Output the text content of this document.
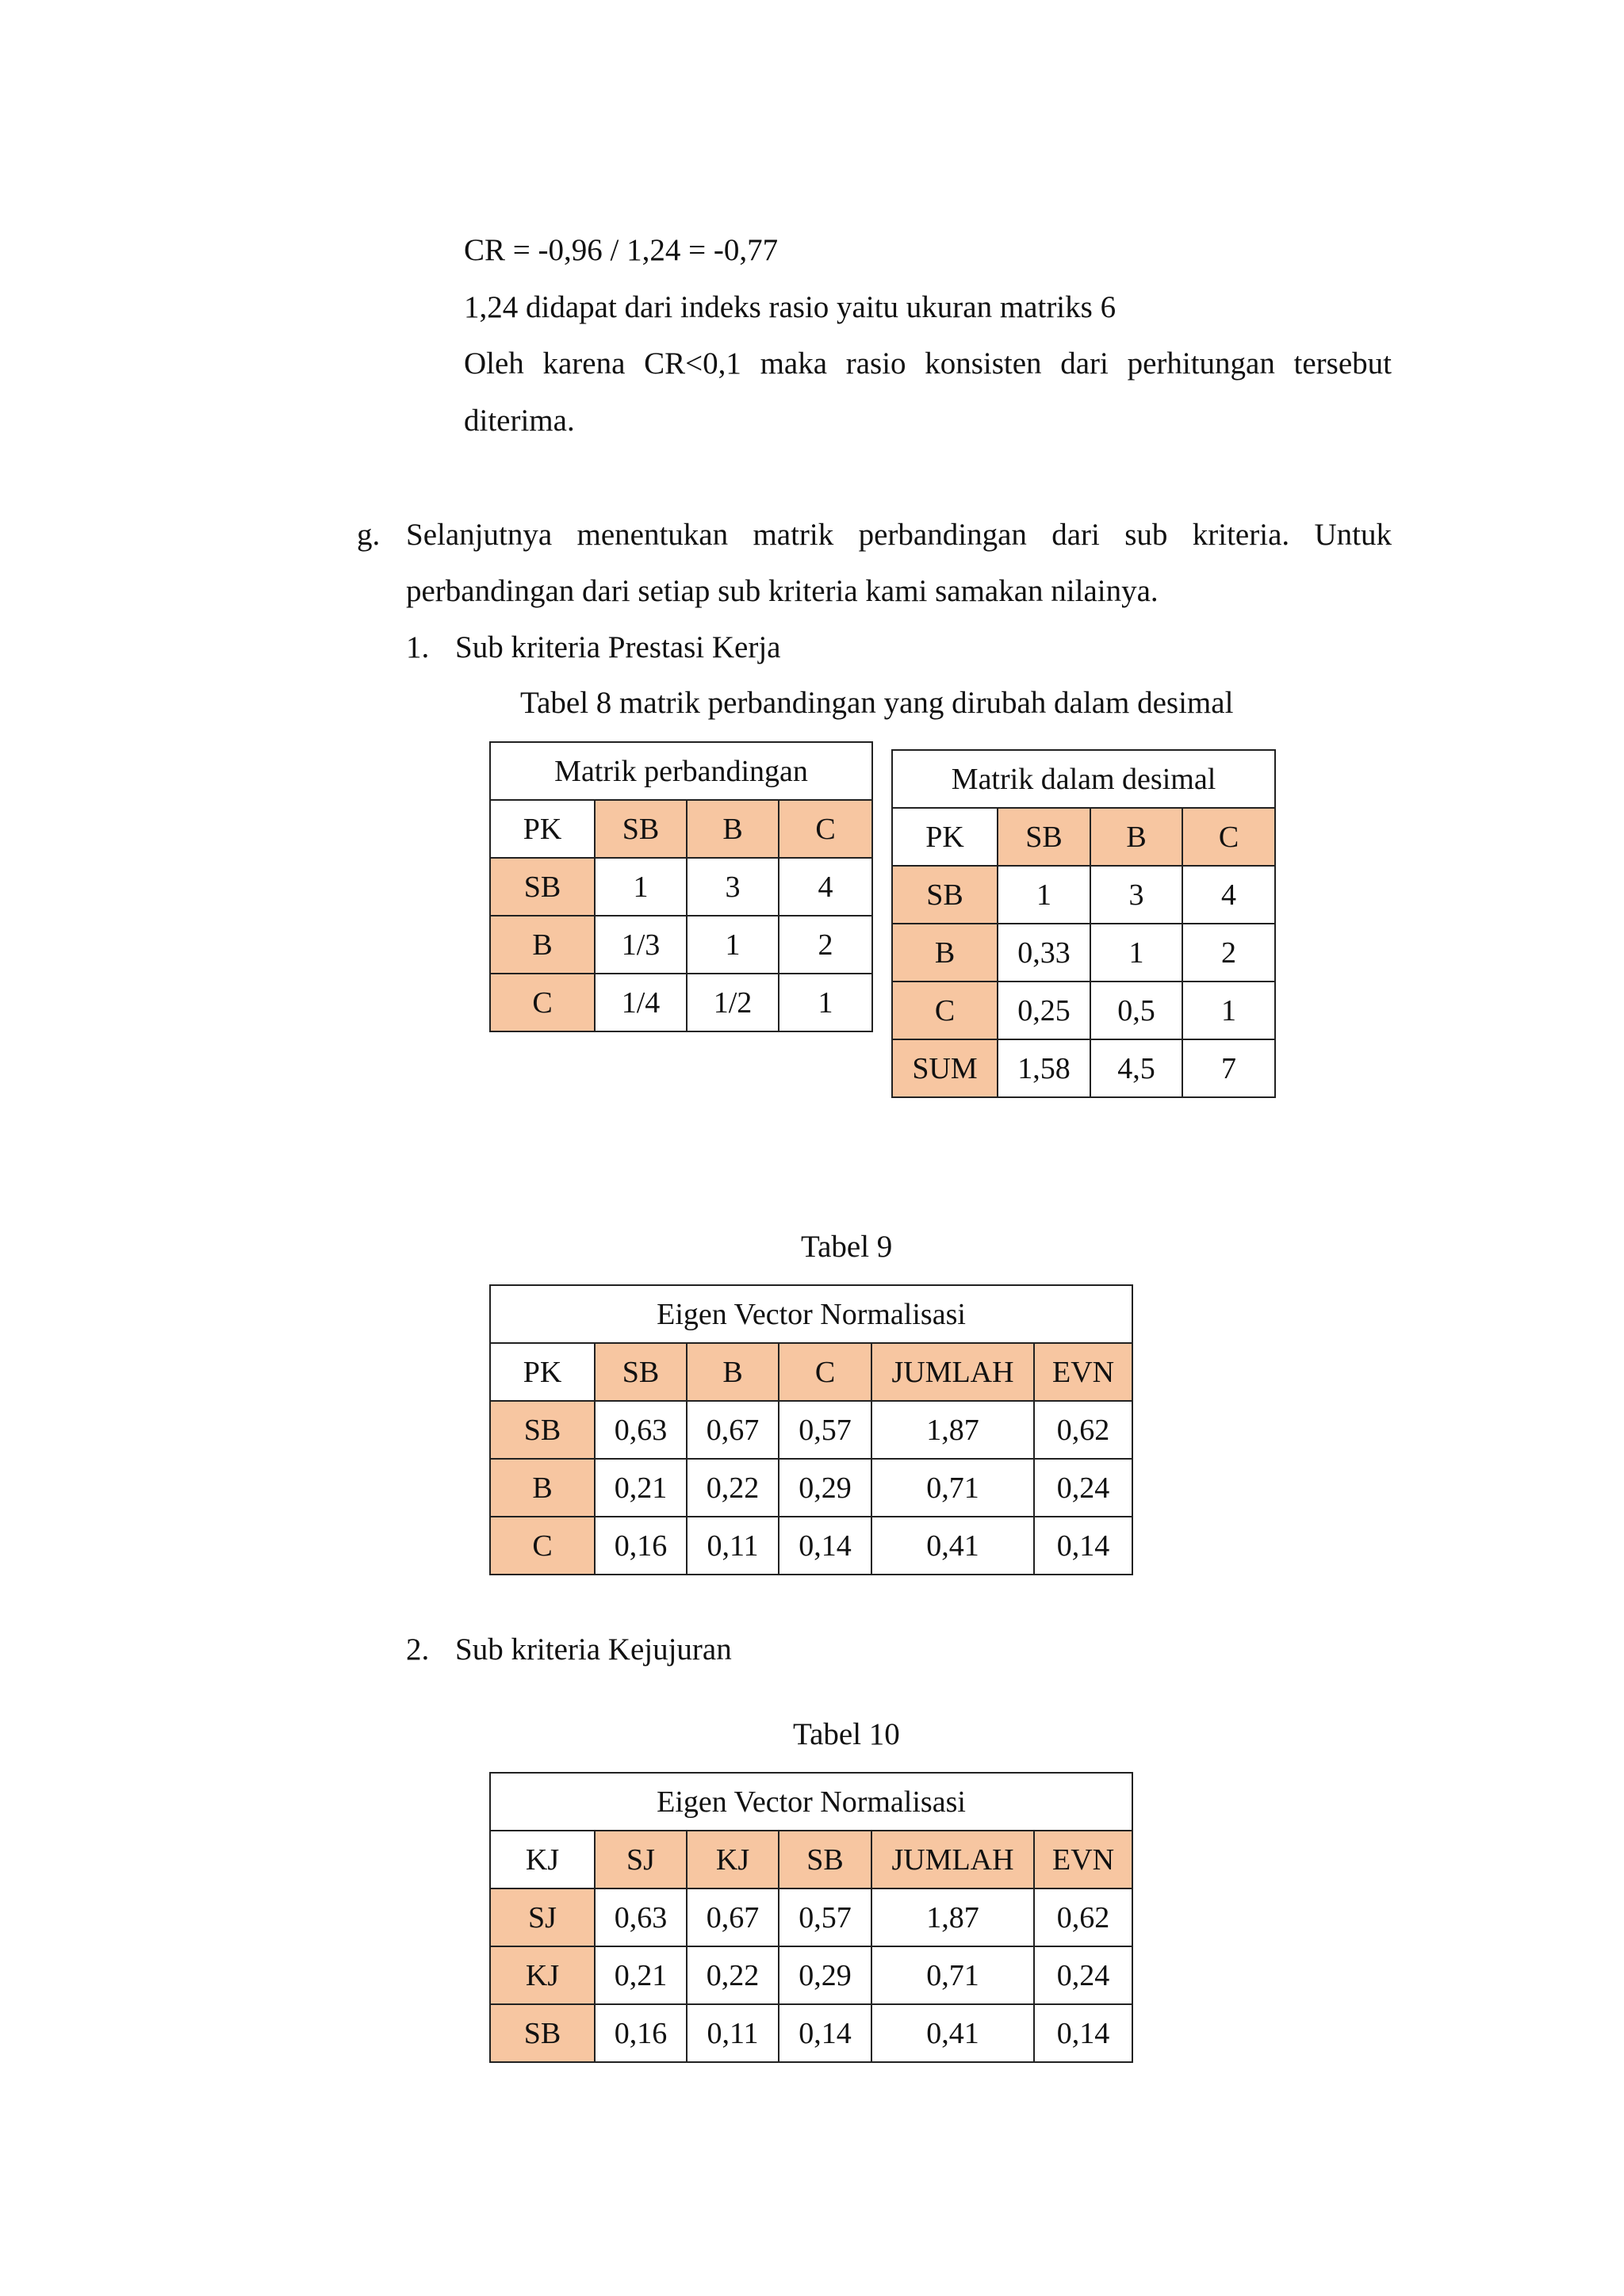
CR = -0,96 / 1,24 = -0,77
1,24 didapat dari indeks rasio yaitu ukuran matriks 6
Oleh karena CR<0,1 maka rasio konsisten dari perhitungan tersebut
diterima.
g. Selanjutnya menentukan matrik perbandingan dari sub kriteria. Untuk
perbandingan dari setiap sub kriteria kami samakan nilainya.
1. Sub kriteria Prestasi Kerja
Tabel 8 matrik perbandingan yang dirubah dalam desimal
Matrik perbandingan			
PK	SB	B	C
SB	1	3	4
B	1/3	1	2
C	1/4	1/2	1
Matrik dalam desimal			
PK	SB	B	C
SB	1	3	4
B	0,33	1	2
C	0,25	0,5	1
SUM	1,58	4,5	7
Tabel 9
Eigen Vector Normalisasi					
PK	SB	B	C	JUMLAH	EVN
SB	0,63	0,67	0,57	1,87	0,62
B	0,21	0,22	0,29	0,71	0,24
C	0,16	0,11	0,14	0,41	0,14
2. Sub kriteria Kejujuran
Tabel 10
Eigen Vector Normalisasi					
KJ	SJ	KJ	SB	JUMLAH	EVN
SJ	0,63	0,67	0,57	1,87	0,62
KJ	0,21	0,22	0,29	0,71	0,24
SB	0,16	0,11	0,14	0,41	0,14
